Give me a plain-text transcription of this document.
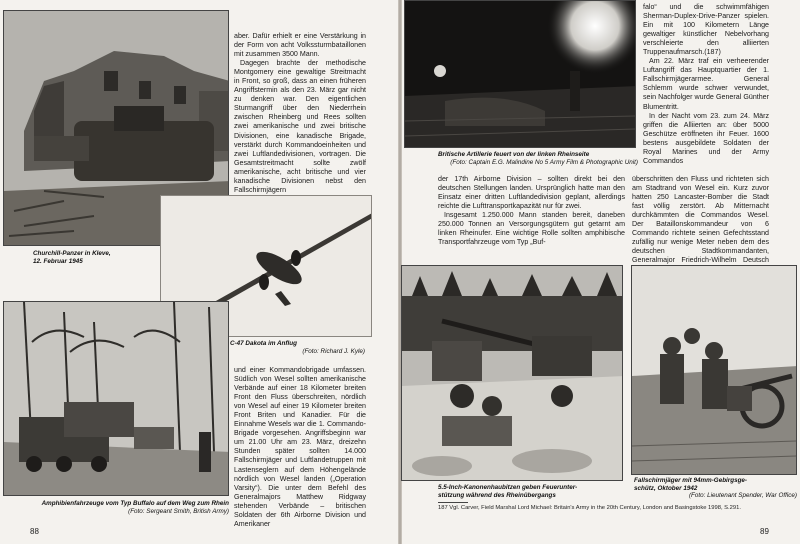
Churchill-Panzer in Kleve,
12. Februar 1945

aber. Dafür erhielt er eine Verstärkung in der Form von acht Volkssturmbataillonen mit zusammen 3500 Mann.

Dagegen brachte der methodische Montgomery eine gewaltige Streitmacht in Front, so groß, dass an einen früheren Angriffstermin als den 23. März gar nicht zu denken war. Den eigentlichen Sturmangriff über den Niederrhein zwischen Rheinberg und Rees sollten zwei amerikanische und zwei britische Divisionen, eine kanadische Brigade, verstärkt durch Kommandoeinheiten und zwei Luftlandedivisionen, vortragen. Die Gesamtstreitmacht sollte zwölf amerikanische, acht britische und vier kanadische Divisionen nebst den Fallschirmjägern

C-47 Dakota im Anflug
(Foto: Richard J. Kyle)

und einer Kommandobrigade umfassen. Südlich von Wesel sollten amerikanische Verbände auf einer 18 Kilometer breiten Front den Fluss überschreiten, nördlich von Wesel auf einer 19 Kilometer breiten Front Briten und Kanadier. Für die Einnahme Wesels war die 1. Commando-Brigade vorgesehen. Angriffsbeginn war um 21.00 Uhr am 23. März, dreizehn Stunden später sollten 14.000 Fallschirmjäger und Luftlandetruppen mit Lastenseglern auf dem Höhengelände nördlich von Wesel landen („Operation Varsity“). Die unter dem Befehl des Generalmajors Matthew Ridgway stehenden Verbände – britischen Soldaten der 6th Airborne Division und Amerikaner

Amphibienfahrzeuge vom Typ Buffalo auf dem Weg zum Rhein
(Foto: Sergeant Smith, British Army)
88
Britische Artillerie feuert von der linken Rheinseite
(Foto: Captain E.G. Malindine No 5 Army Film & Photographic Unit)

falo“ und die schwimmfähigen Sherman-Duplex-Drive-Panzer spielen. Ein mit 100 Kilometern Länge gewaltiger künstlicher Nebelvorhang verschleierte den alliierten Truppenaufmarsch.(187)

Am 22. März traf ein verheerender Luftangriff das Hauptquartier der 1. Fallschirmjägerarmee. General Schlemm wurde schwer verwundet, sein Nachfolger wurde General Günther Blumentritt.

In der Nacht vom 23. zum 24. März griffen die Alliierten an: über 5000 Geschütze eröffneten ihr Feuer. 1600 bestens ausgebildete Soldaten der Royal Marines und der Army Commandos

der 17th Airborne Division – sollten direkt bei den deutschen Stellungen landen. Ursprünglich hatte man den Einsatz einer dritten Luftlandedivision geplant, allerdings reichte die Lufttransportkapazität nur für zwei.

Insgesamt 1.250.000 Mann standen bereit, daneben 250.000 Tonnen an Versorgungsgütern gut getarnt am linken Rheinufer. Eine wichtige Rolle sollten amphibische Transportfahrzeuge vom Typ „Buf-

überschritten den Fluss und richteten sich am Stadtrand von Wesel ein. Kurz zuvor hatten 250 Lancaster-Bomber die Stadt fast völlig zerstört. Ab Mitternacht durchkämmten die Commandos Wesel. Der Bataillonskommandeur von 6 Commando richtete seinen Gefechtsstand zufällig nur wenige Meter neben dem des deutschen Stadtkommandanten, Generalmajor Friedrich-Wilhelm Deutsch

5.5-Inch-Kanonenhaubitzen geben Feuerunter-
stützung während des Rheinübergangs
Fallschirmjäger mit 94mm-Gebirgsge-
schütz, Oktober 1942
(Foto: Lieutenant Spender, War Office)
187 Vgl. Carver, Field Marshal Lord Michael: Britain's Army in the 20th Century, London and Basingstoke 1998, S.291.
89
